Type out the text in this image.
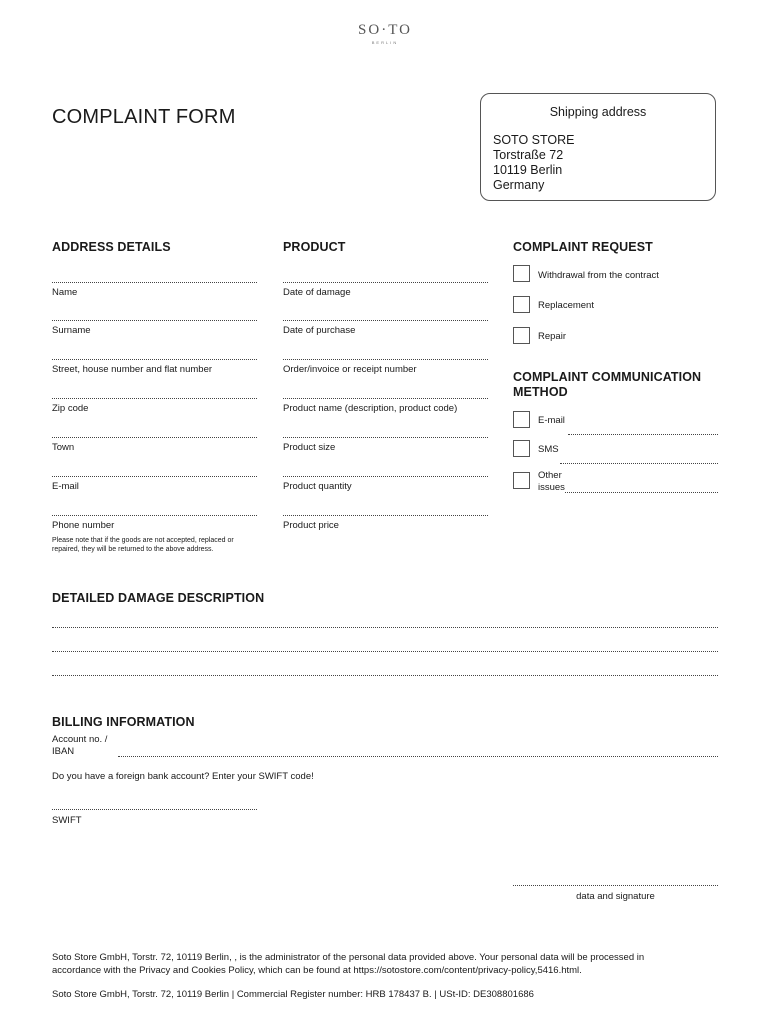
SO·TO
BERLIN
COMPLAINT FORM	Shipping address
SOTO STORE
Torstraße 72
10119 Berlin
Germany
ADDRESS DETAILS
Name
Surname
Street, house number and flat number
Zip code
Town
E-mail
Phone number
Please note that if the goods are not accepted, replaced or
repaired, they will be returned to the above address.
PRODUCT
Date of damage
Date of purchase
Order/invoice or receipt number
Product name (description, product code)
Product size
Product quantity
Product price
COMPLAINT REQUEST
Withdrawal from the contract
Replacement
Repair
COMPLAINT COMMUNICATION
METHOD
E-mail
SMS
Other
issues
DETAILED DAMAGE DESCRIPTION
BILLING INFORMATION
Account no. /
IBAN
Do you have a foreign bank account? Enter your SWIFT code!
SWIFT
data and signature
Soto Store GmbH, Torstr. 72, 10119 Berlin, , is the administrator of the personal data provided above. Your personal data will be processed in
accordance with the Privacy and Cookies Policy, which can be found at https://sotostore.com/content/privacy-policy,5416.html.
Soto Store GmbH, Torstr. 72, 10119 Berlin | Commercial Register number: HRB 178437 B. | USt-ID: DE308801686
